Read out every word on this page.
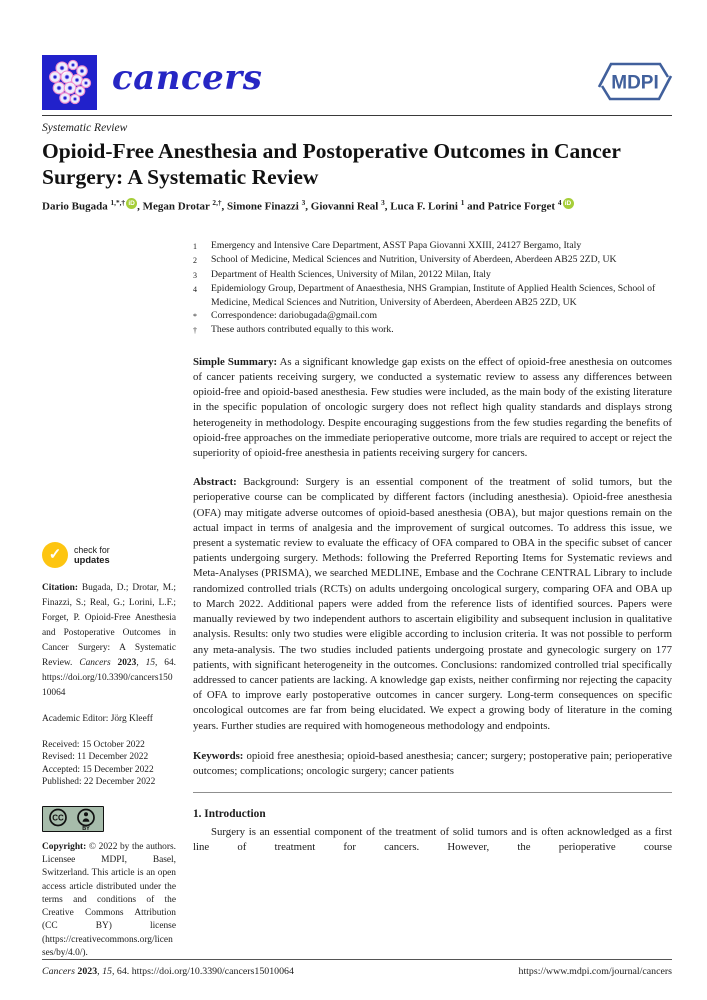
cancers	MDPI
Systematic Review
Opioid-Free Anesthesia and Postoperative Outcomes in Cancer Surgery: A Systematic Review
Dario Bugada $^{1,*,\dagger}$ iD , Megan Drotar $^{2,\dagger}$, Simone Finazzi $^3$, Giovanni Real $^3$, Luca F. Lorini $^1$ and Patrice Forget $^4$ iD
1	Emergency and Intensive Care Department, ASST Papa Giovanni XXIII, 24127 Bergamo, Italy
2	School of Medicine, Medical Sciences and Nutrition, University of Aberdeen, Aberdeen AB25 2ZD, UK
3	Department of Health Sciences, University of Milan, 20122 Milan, Italy
4	Epidemiology Group, Department of Anaesthesia, NHS Grampian, Institute of Applied Health Sciences, School of Medicine, Medical Sciences and Nutrition, University of Aberdeen, Aberdeen AB25 2ZD, UK
*	Correspondence: dariobugada@gmail.com
†	These authors contributed equally to this work.

Simple Summary: As a significant knowledge gap exists on the effect of opioid-free anesthesia on outcomes of cancer patients receiving surgery, we conducted a systematic review to assess any differences between opioid-free and opioid-based anesthesia. Few studies were included, as the main body of the existing literature in the specific population of oncologic surgery does not reflect high quality standards and displays strong heterogeneity in methodology. Despite encouraging suggestions from the few studies regarding the benefits of opioid-free approaches on the immediate perioperative outcome, more trials are required to accept or reject the superiority of opioid-free anesthesia in patients receiving surgery for cancers.

Abstract: Background: Surgery is an essential component of the treatment of solid tumors, but the perioperative course can be complicated by different factors (including anesthesia). Opioid-free anesthesia (OFA) may mitigate adverse outcomes of opioid-based anesthesia (OBA), but major questions remain on the actual impact in terms of analgesia and the improvement of surgical outcomes. To address this issue, we present a systematic review to evaluate the efficacy of OFA compared to OBA in the specific subset of cancer patients undergoing surgery. Methods: following the Preferred Reporting Items for Systematic reviews and Meta-Analyses (PRISMA), we searched MEDLINE, Embase and the Cochrane CENTRAL Library to include randomized controlled trials (RCTs) on adults undergoing oncological surgery, comparing OFA and OBA up to March 2022. Additional papers were added from the reference lists of identified sources. Papers were manually reviewed by two independent authors to ascertain eligibility and subsequent inclusion in qualitative analysis. Results: only two studies were eligible according to inclusion criteria. It was not possible to perform any meta-analysis. The two studies included patients undergoing prostate and gynecologic surgery on 177 patients, with significant heterogeneity in the outcomes. Conclusions: randomized controlled trial specifically addressed to cancer patients are lacking. A knowledge gap exists, neither confirming nor rejecting the capacity of OFA to improve early postoperative outcomes in cancer surgery. Long-term consequences on specific oncological outcomes are far from being elucidated. We expect a growing body of literature in the coming years. Further studies are required with homogeneous methodology and endpoints.

Keywords: opioid free anesthesia; opioid-based anesthesia; cancer; surgery; postoperative pain; perioperative outcomes; complications; oncologic surgery; cancer patients

1. Introduction

Surgery is an essential component of the treatment of solid tumors and is often acknowledged as a first line of treatment for cancers. However, the perioperative course

✓	check for
updates
Citation: Bugada, D.; Drotar, M.; Finazzi, S.; Real, G.; Lorini, L.F.; Forget, P. Opioid-Free Anesthesia and Postoperative Outcomes in Cancer Surgery: A Systematic Review. Cancers 2023, 15, 64. https://doi.org/10.3390/cancers15010064
Academic Editor: Jörg Kleeff
Received: 15 October 2022
Revised: 11 December 2022
Accepted: 15 December 2022
Published: 22 December 2022
CC
BY
Copyright: © 2022 by the authors. Licensee MDPI, Basel, Switzerland. This article is an open access article distributed under the terms and conditions of the Creative Commons Attribution (CC BY) license (https://creativecommons.org/licenses/by/4.0/).
Cancers 2023, 15, 64. https://doi.org/10.3390/cancers15010064	https://www.mdpi.com/journal/cancers
